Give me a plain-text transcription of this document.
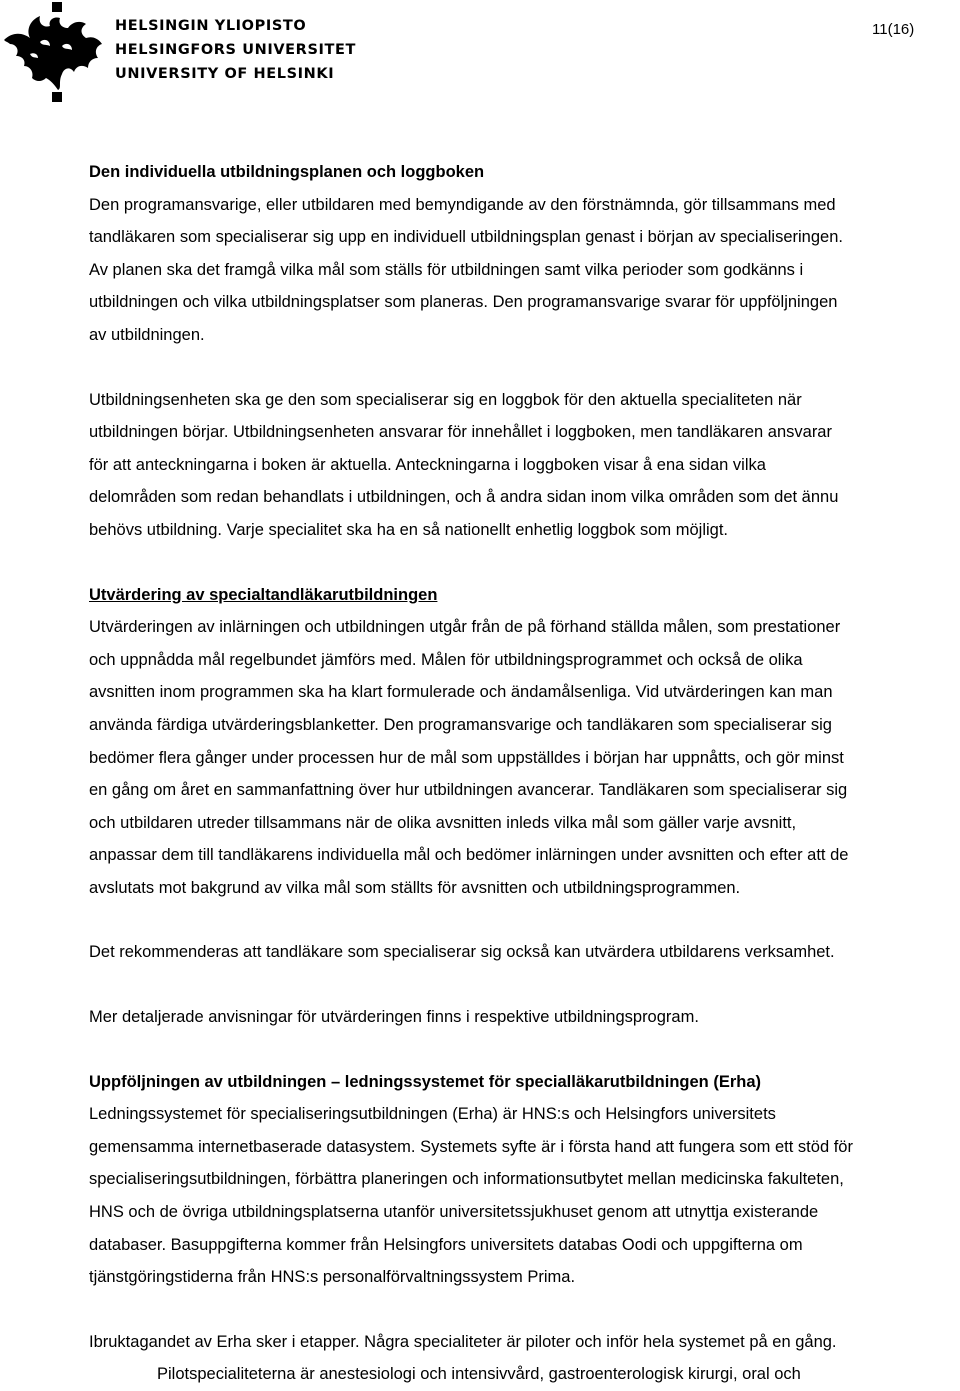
HELSINGIN YLIOPISTO
HELSINGFORS UNIVERSITET
UNIVERSITY OF HELSINKI
11(16)
Den individuella utbildningsplanen och loggboken
Den programansvarige, eller utbildaren med bemyndigande av den förstnämnda, gör tillsammans med
tandläkaren som specialiserar sig upp en individuell utbildningsplan genast i början av specialiseringen.
Av planen ska det framgå vilka mål som ställs för utbildningen samt vilka perioder som godkänns i
utbildningen och vilka utbildningsplatser som planeras. Den programansvarige svarar för uppföljningen
av utbildningen.
Utbildningsenheten ska ge den som specialiserar sig en loggbok för den aktuella specialiteten när
utbildningen börjar. Utbildningsenheten ansvarar för innehållet i loggboken, men tandläkaren ansvarar
för att anteckningarna i boken är aktuella. Anteckningarna i loggboken visar å ena sidan vilka
delområden som redan behandlats i utbildningen, och å andra sidan inom vilka områden som det ännu
behövs utbildning. Varje specialitet ska ha en så nationellt enhetlig loggbok som möjligt.
Utvärdering av specialtandläkarutbildningen
Utvärderingen av inlärningen och utbildningen utgår från de på förhand ställda målen, som prestationer
och uppnådda mål regelbundet jämförs med. Målen för utbildningsprogrammet och också de olika
avsnitten inom programmen ska ha klart formulerade och ändamålsenliga. Vid utvärderingen kan man
använda färdiga utvärderingsblanketter. Den programansvarige och tandläkaren som specialiserar sig
bedömer flera gånger under processen hur de mål som uppställdes i början har uppnåtts, och gör minst
en gång om året en sammanfattning över hur utbildningen avancerar. Tandläkaren som specialiserar sig
och utbildaren utreder tillsammans när de olika avsnitten inleds vilka mål som gäller varje avsnitt,
anpassar dem till tandläkarens individuella mål och bedömer inlärningen under avsnitten och efter att de
avslutats mot bakgrund av vilka mål som ställts för avsnitten och utbildningsprogrammen.
Det rekommenderas att tandläkare som specialiserar sig också kan utvärdera utbildarens verksamhet.
Mer detaljerade anvisningar för utvärderingen finns i respektive utbildningsprogram.
Uppföljningen av utbildningen – ledningssystemet för specialläkarutbildningen (Erha)
Ledningssystemet för specialiseringsutbildningen (Erha) är HNS:s och Helsingfors universitets
gemensamma internetbaserade datasystem. Systemets syfte är i första hand att fungera som ett stöd för
specialiseringsutbildningen, förbättra planeringen och informationsutbytet mellan medicinska fakulteten,
HNS och de övriga utbildningsplatserna utanför universitetssjukhuset genom att utnyttja existerande
databaser. Basuppgifterna kommer från Helsingfors universitets databas Oodi och uppgifterna om
tjänstgöringstiderna från HNS:s personalförvaltningssystem Prima.
Ibruktagandet av Erha sker i etapper. Några specialiteter är piloter och inför hela systemet på en gång.
Pilotspecialiteterna är anestesiologi och intensivvård, gastroenterologisk kirurgi, oral och
